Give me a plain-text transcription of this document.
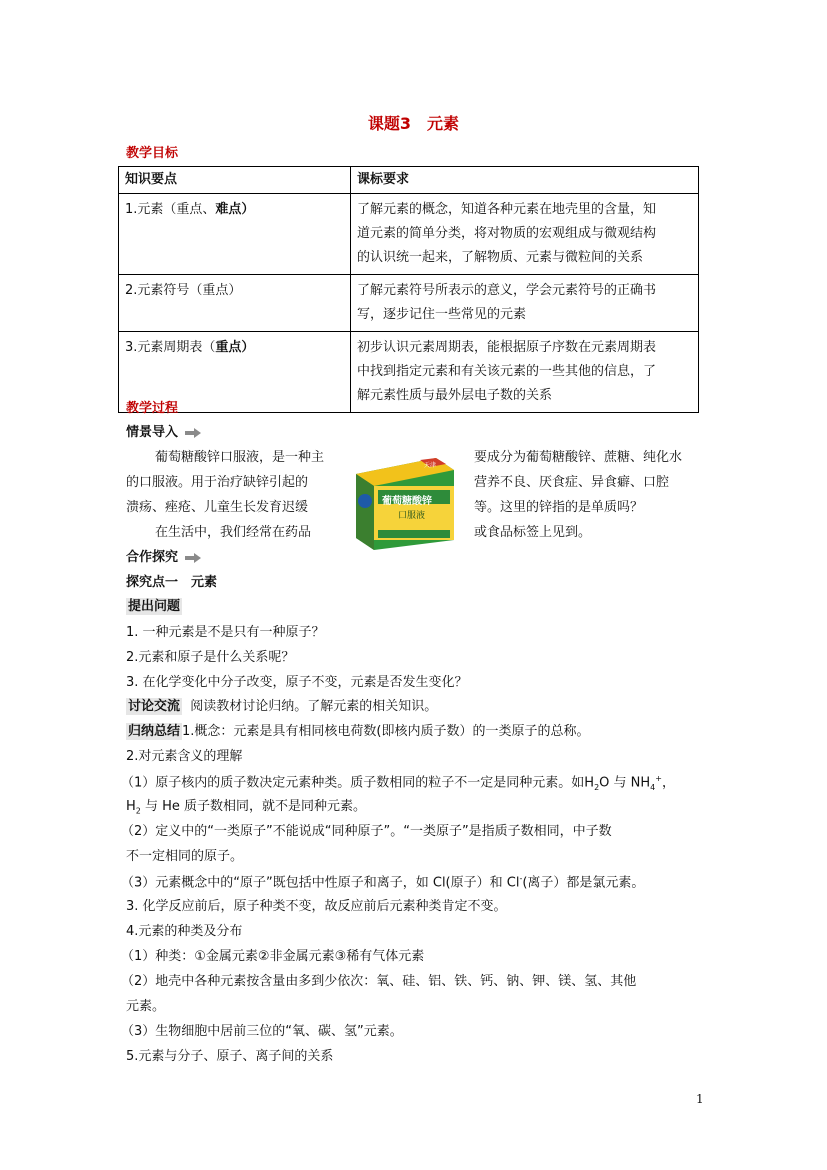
课题3　元素
教学目标
知识要点	课标要求
1.元素（重点、难点）	了解元素的概念，知道各种元素在地壳里的含量，知
道元素的简单分类，将对物质的宏观组成与微观结构
的认识统一起来，了解物质、元素与微粒间的关系

2.元素符号（重点）	了解元素符号所表示的意义，学会元素符号的正确书
写，逐步记住一些常见的元素

3.元素周期表（重点）	初步认识元素周期表，能根据原子序数在元素周期表
中找到指定元素和有关该元素的一些其他的信息，了
解元素性质与最外层电子数的关系
教学过程
情景导入
葡萄糖酸锌口服液，是一种主
的口服液。用于治疗缺锌引起的
溃疡、痤疮、儿童生长发育迟缓
在生活中，我们经常在药品
葡萄糖酸锌
口服液
天津
要成分为葡萄糖酸锌、蔗糖、纯化水
营养不良、厌食症、异食癖、口腔
等。这里的锌指的是单质吗？
或食品标签上见到。
合作探究
探究点一　元素
提出问题
1. 一种元素是不是只有一种原子？
2.元素和原子是什么关系呢？
3. 在化学变化中分子改变，原子不变，元素是否发生变化？
讨论交流 阅读教材讨论归纳。了解元素的相关知识。
归纳总结 1.概念：元素是具有相同核电荷数(即核内质子数）的一类原子的总称。
2.对元素含义的理解
（1）原子核内的质子数决定元素种类。质子数相同的粒子不一定是同种元素。如$H_2O$ 与 $NH_4^+$，
$H_2$ 与 He 质子数相同，就不是同种元素。
（2）定义中的“一类原子”不能说成“同种原子”。“一类原子”是指质子数相同，中子数
不一定相同的原子。
（3）元素概念中的“原子”既包括中性原子和离子，如 Cl(原子）和 Cl-(离子）都是氯元素。
3. 化学反应前后，原子种类不变，故反应前后元素种类肯定不变。
4.元素的种类及分布
（1）种类：①金属元素②非金属元素③稀有气体元素
（2）地壳中各种元素按含量由多到少依次：氧、硅、铝、铁、钙、钠、钾、镁、氢、其他
元素。
（3）生物细胞中居前三位的“氧、碳、氢”元素。
5.元素与分子、原子、离子间的关系
1
